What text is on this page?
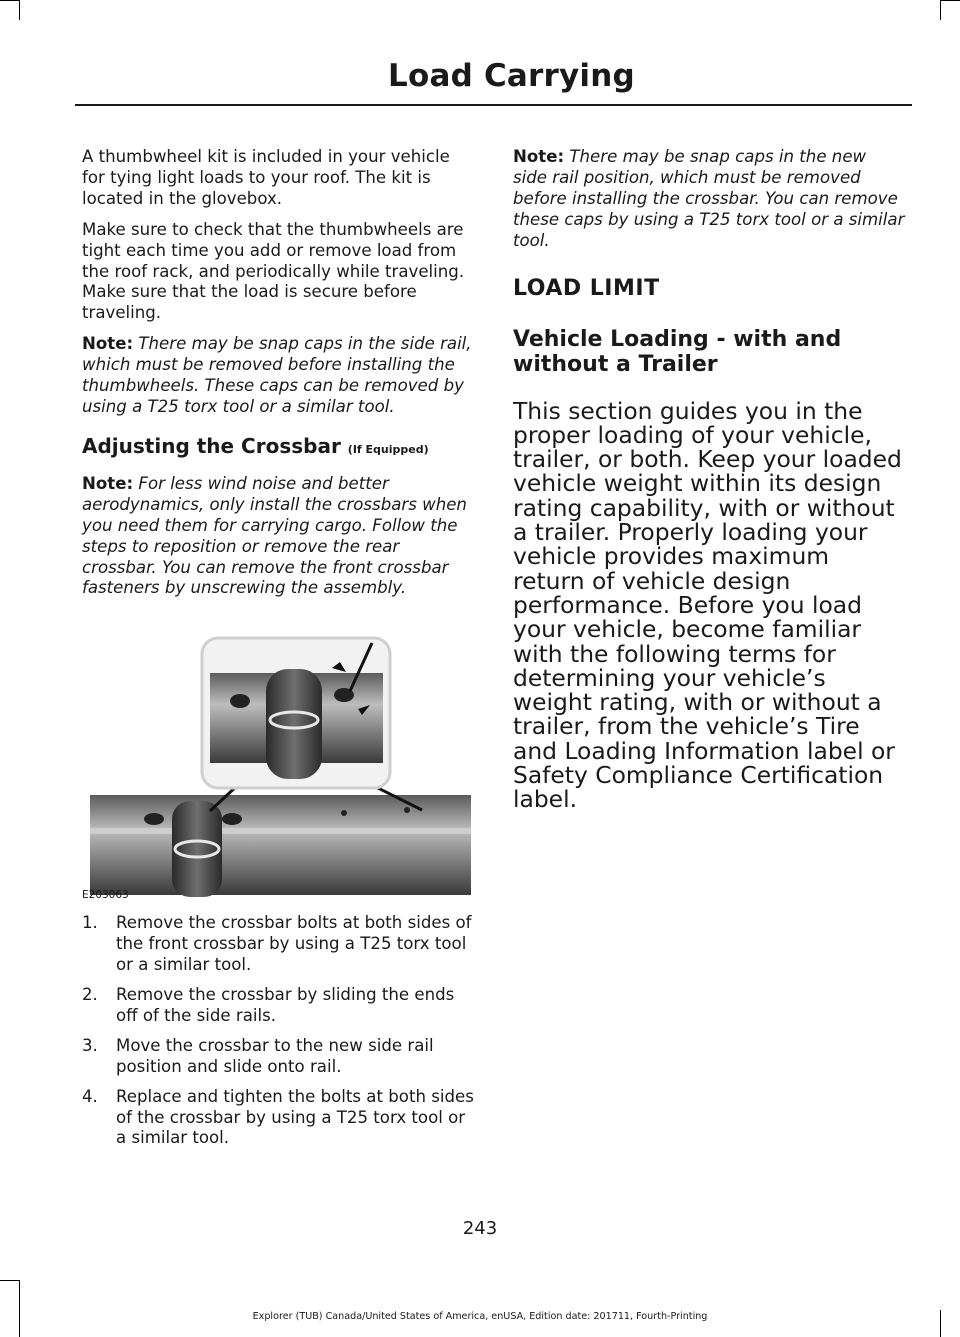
Load Carrying

A thumbwheel kit is included in your vehicle for tying light loads to your roof. The kit is located in the glovebox.

Make sure to check that the thumbwheels are tight each time you add or remove load from the roof rack, and periodically while traveling. Make sure that the load is secure before traveling.

Note: There may be snap caps in the side rail, which must be removed before installing the thumbwheels. These caps can be removed by using a T25 torx tool or a similar tool.

Adjusting the Crossbar (If Equipped)

Note: For less wind noise and better aerodynamics, only install the crossbars when you need them for carrying cargo. Follow the steps to reposition or remove the rear crossbar. You can remove the front crossbar fasteners by unscrewing the assembly.

E203063
1. Remove the crossbar bolts at both sides of the front crossbar by using a T25 torx tool or a similar tool.
2. Remove the crossbar by sliding the ends off of the side rails.
3. Move the crossbar to the new side rail position and slide onto rail.
4. Replace and tighten the bolts at both sides of the crossbar by using a T25 torx tool or a similar tool.

Note: There may be snap caps in the new side rail position, which must be removed before installing the crossbar. You can remove these caps by using a T25 torx tool or a similar tool.

LOAD LIMIT
Vehicle Loading - with and without a Trailer

This section guides you in the proper loading of your vehicle, trailer, or both. Keep your loaded vehicle weight within its design rating capability, with or without a trailer. Properly loading your vehicle provides maximum return of vehicle design performance. Before you load your vehicle, become familiar with the following terms for determining your vehicle’s weight rating, with or without a trailer, from the vehicle’s Tire and Loading Information label or Safety Compliance Certification label.

243
Explorer (TUB) Canada/United States of America, enUSA, Edition date: 201711, Fourth-Printing
